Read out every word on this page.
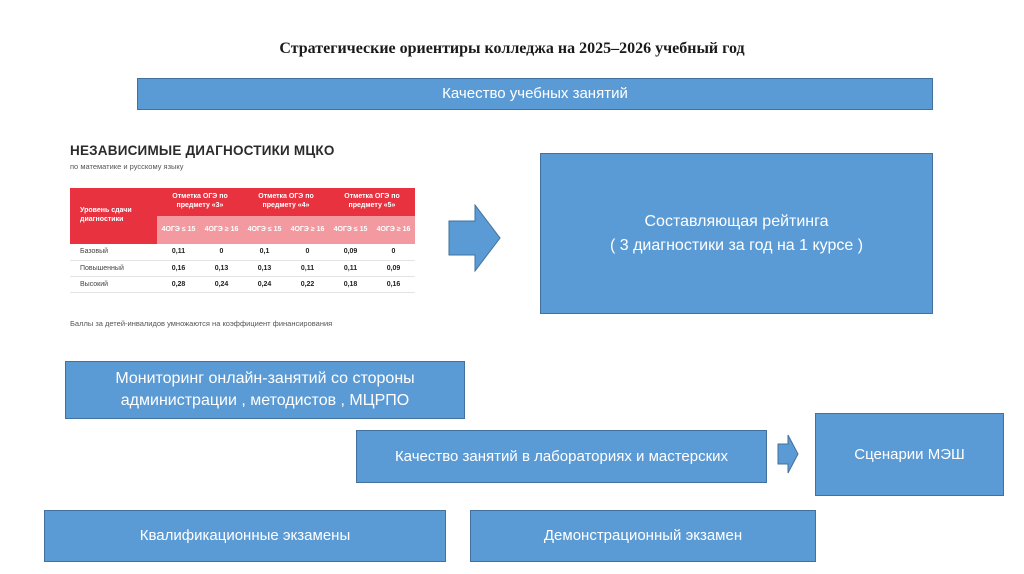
Стратегические ориентиры колледжа на 2025–2026 учебный год
Качество учебных занятий
НЕЗАВИСИМЫЕ ДИАГНОСТИКИ МЦКО
по математике и русскому языку
Уровень сдачи диагностики	Отметка ОГЭ по предмету «3»		Отметка ОГЭ по предмету «4»		Отметка ОГЭ по предмету «5»	
	4ОГЭ ≤ 15	4ОГЭ ≥ 16	4ОГЭ ≤ 15	4ОГЭ ≥ 16	4ОГЭ ≤ 15	4ОГЭ ≥ 16
Базовый	0,11	0	0,1	0	0,09	0
Повышенный	0,16	0,13	0,13	0,11	0,11	0,09
Высокий	0,28	0,24	0,24	0,22	0,18	0,16
Баллы за детей-инвалидов умножаются на коэффициент финансирования
Составляющая рейтинга
( 3 диагностики за год на 1 курсе )
Мониторинг онлайн-занятий со стороны
администрации , методистов , МЦРПО
Качество занятий в лабораториях и мастерских	Сценарии МЭШ
Квалификационные экзамены	Демонстрационный экзамен
